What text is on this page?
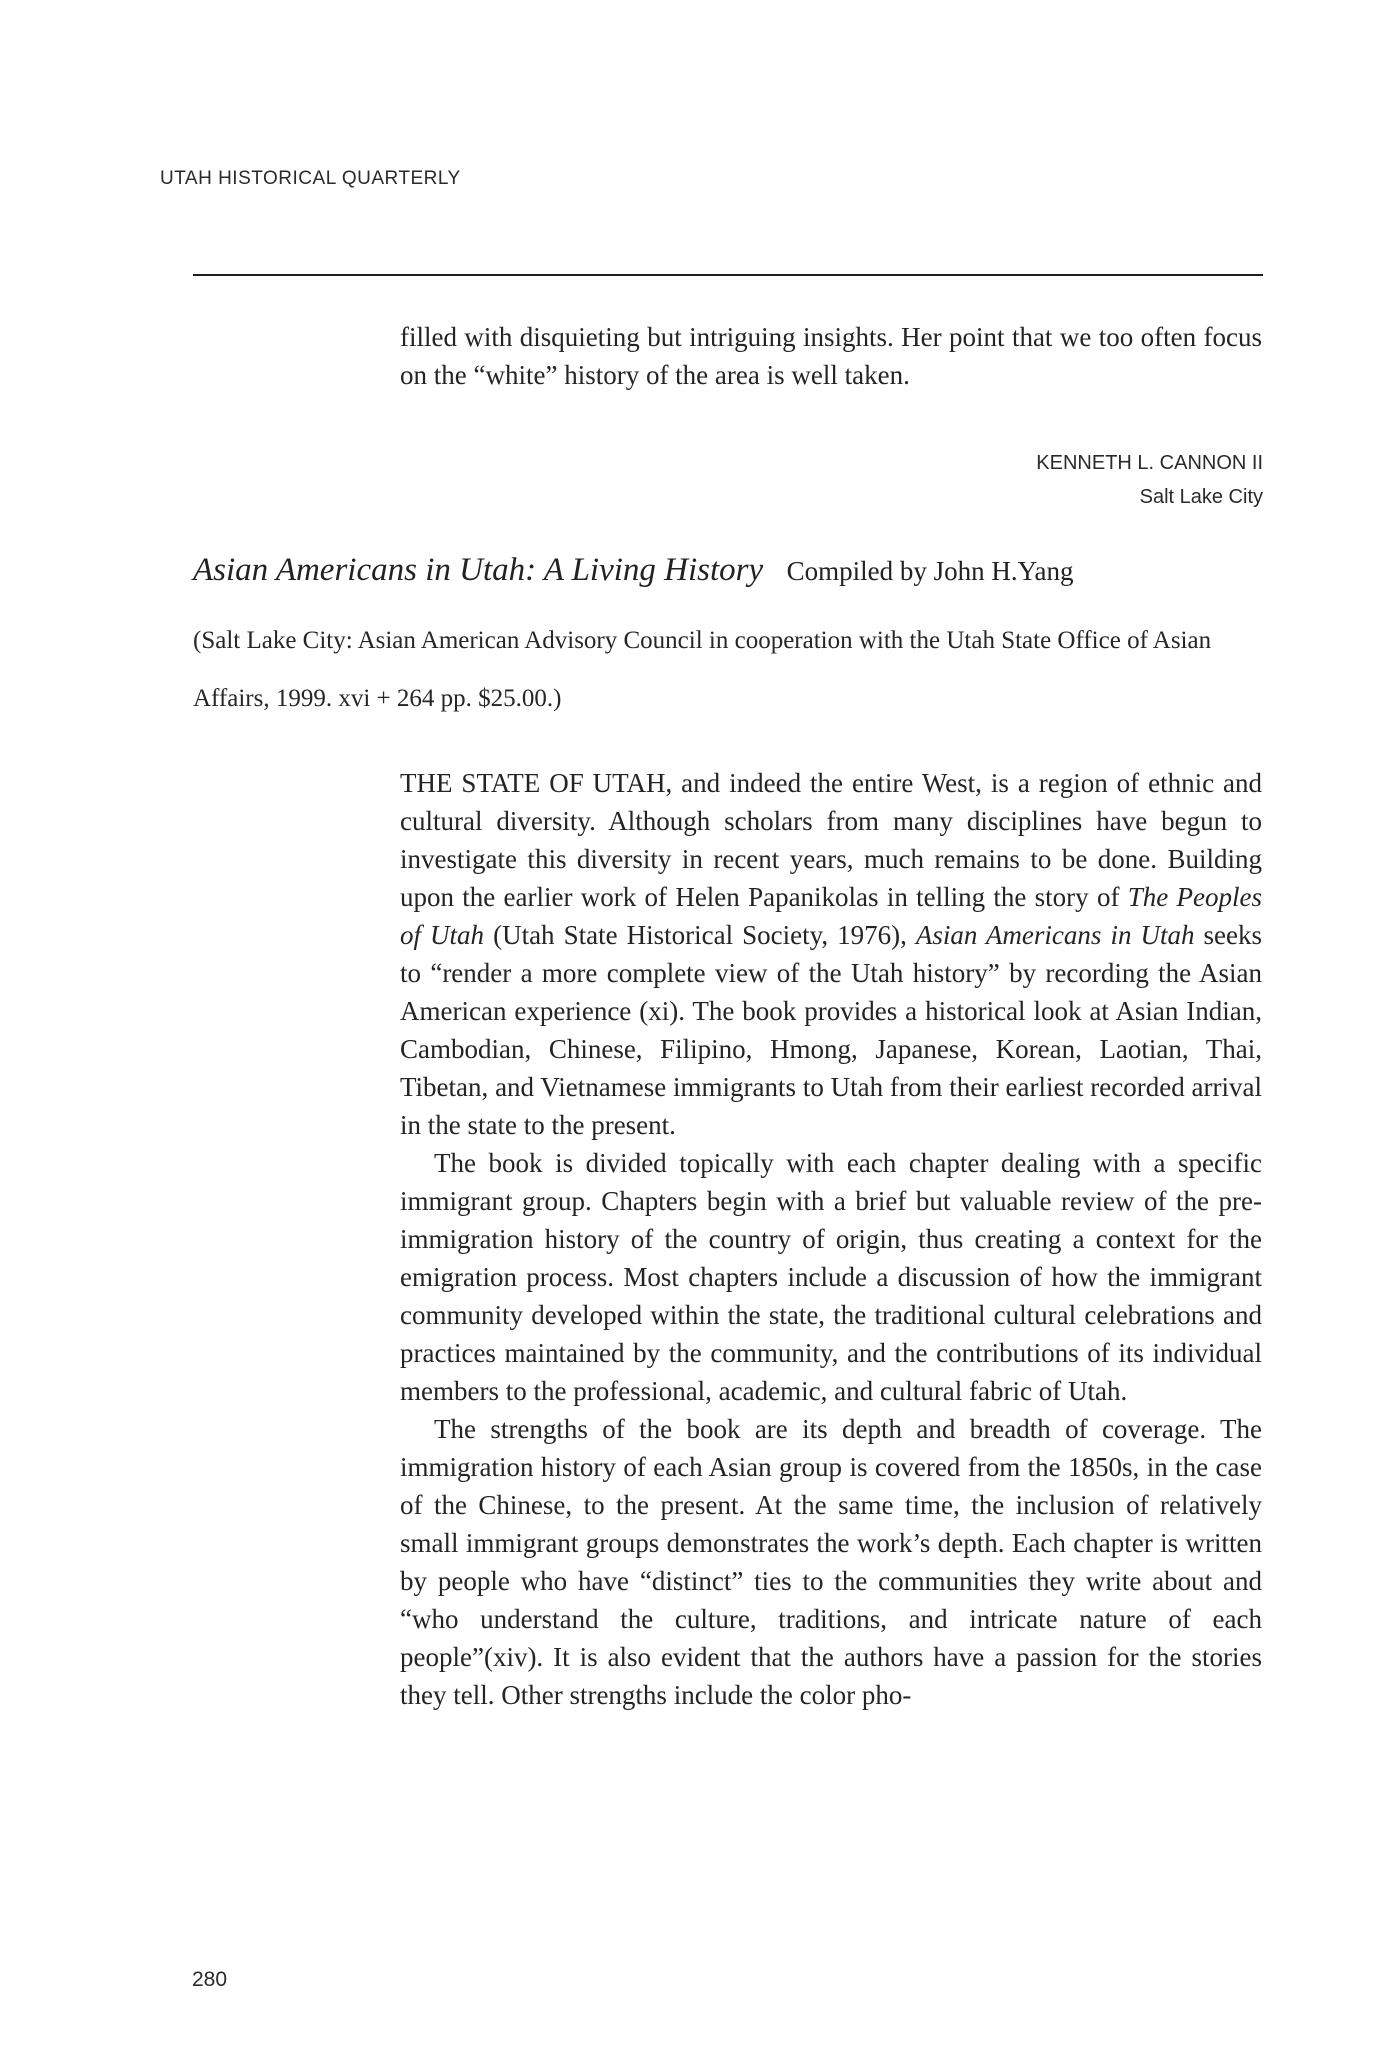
UTAH HISTORICAL QUARTERLY
filled with disquieting but intriguing insights. Her point that we too often focus on the “white” history of the area is well taken.
KENNETH L. CANNON II
Salt Lake City
Asian Americans in Utah: A Living History Compiled by John H.Yang
(Salt Lake City: Asian American Advisory Council in cooperation with the Utah State Office of Asian Affairs, 1999. xvi + 264 pp. $25.00.)

THE STATE OF UTAH, and indeed the entire West, is a region of ethnic and cultural diversity. Although scholars from many disciplines have begun to investigate this diversity in recent years, much remains to be done. Building upon the earlier work of Helen Papanikolas in telling the story of The Peoples of Utah (Utah State Historical Society, 1976), Asian Americans in Utah seeks to “render a more complete view of the Utah history” by recording the Asian American experience (xi). The book provides a historical look at Asian Indian, Cambodian, Chinese, Filipino, Hmong, Japanese, Korean, Laotian, Thai, Tibetan, and Vietnamese immigrants to Utah from their earliest recorded arrival in the state to the present.

The book is divided topically with each chapter dealing with a specific immigrant group. Chapters begin with a brief but valuable review of the pre-immigration history of the country of origin, thus creating a context for the emigration process. Most chapters include a discussion of how the immigrant community developed within the state, the traditional cultural celebrations and practices maintained by the community, and the contributions of its individual members to the professional, academic, and cultural fabric of Utah.

The strengths of the book are its depth and breadth of coverage. The immigration history of each Asian group is covered from the 1850s, in the case of the Chinese, to the present. At the same time, the inclusion of relatively small immigrant groups demonstrates the work’s depth. Each chapter is written by people who have “distinct” ties to the communities they write about and “who understand the culture, traditions, and intricate nature of each people”(xiv). It is also evident that the authors have a passion for the stories they tell. Other strengths include the color pho-

280
